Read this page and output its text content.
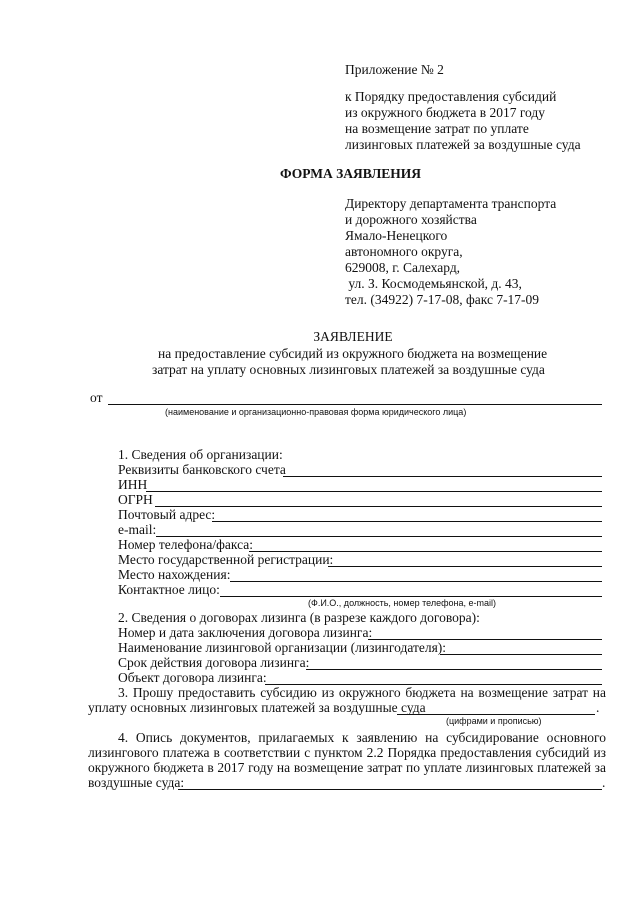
Приложение № 2
к Порядку предоставления субсидий
из окружного бюджета в 2017 году
на возмещение затрат по уплате
лизинговых платежей за воздушные суда
ФОРМА ЗАЯВЛЕНИЯ
Директору департамента транспорта
и дорожного хозяйства
Ямало-Ненецкого
автономного округа,
629008, г. Салехард,
ул. З. Космодемьянской, д. 43,
тел. (34922) 7-17-08, факс 7-17-09
ЗАЯВЛЕНИЕ
на предоставление субсидий из окружного бюджета на возмещение
затрат на уплату основных лизинговых платежей за воздушные суда
от
(наименование и организационно-правовая форма юридического лица)
1. Сведения об организации:
Реквизиты банковского счета
ИНН
ОГРН
Почтовый адрес:
e-mail:
Номер телефона/факса:
Место государственной регистрации:
Место нахождения:
Контактное лицо:
(Ф.И.О., должность, номер телефона, e-mail)
2. Сведения о договорах лизинга (в разрезе каждого договора):
Номер и дата заключения договора лизинга:
Наименование лизинговой организации (лизингодателя):
Срок действия договора лизинга:
Объект договора лизинга:
3. Прошу предоставить субсидию из окружного бюджета на возмещение затрат на
уплату основных лизинговых платежей за воздушные суда	.
(цифрами и прописью)
4. Опись документов, прилагаемых к заявлению на субсидирование основного
лизингового платежа в соответствии с пунктом 2.2 Порядка предоставления субсидий из
окружного бюджета в 2017 году на возмещение затрат по уплате лизинговых платежей за
воздушные суда:	.
